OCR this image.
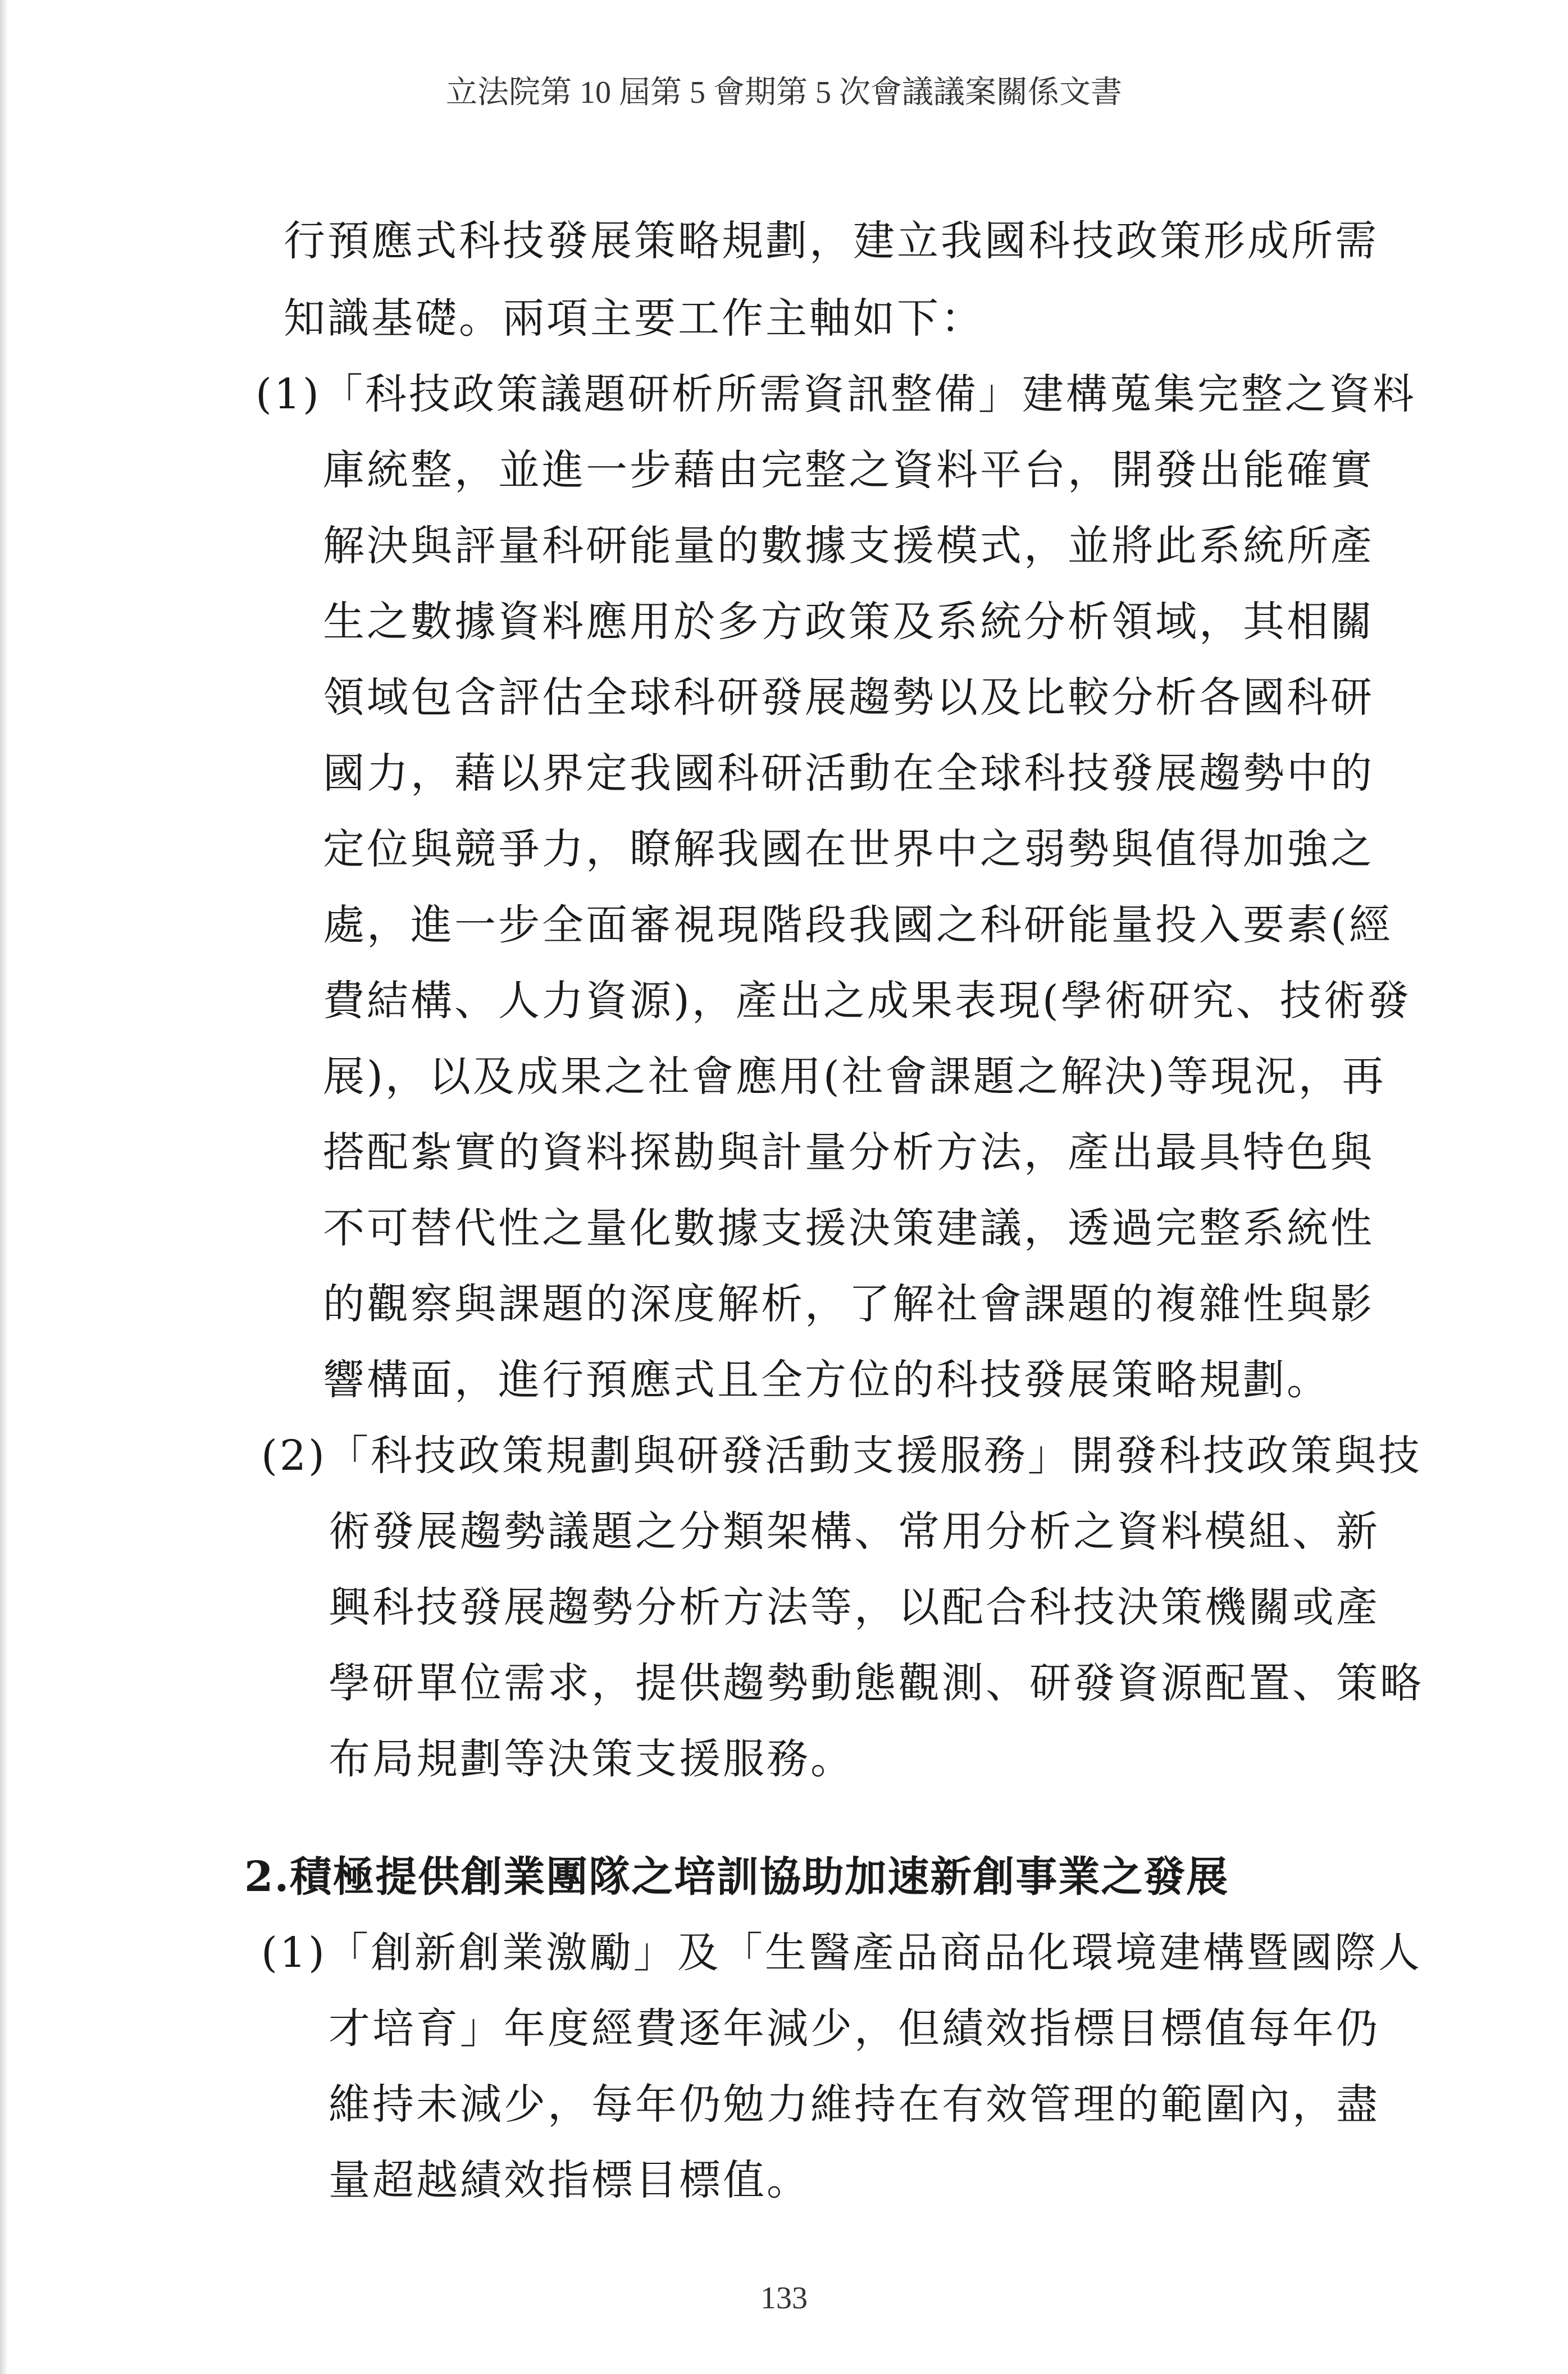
立法院第 10 屆第 5 會期第 5 次會議議案關係文書
行預應式科技發展策略規劃，建立我國科技政策形成所需
知識基礎。兩項主要工作主軸如下：
(1)「科技政策議題研析所需資訊整備」建構蒐集完整之資料
庫統整，並進一步藉由完整之資料平台，開發出能確實
解決與評量科研能量的數據支援模式，並將此系統所產
生之數據資料應用於多方政策及系統分析領域，其相關
領域包含評估全球科研發展趨勢以及比較分析各國科研
國力，藉以界定我國科研活動在全球科技發展趨勢中的
定位與競爭力，瞭解我國在世界中之弱勢與值得加強之
處，進一步全面審視現階段我國之科研能量投入要素(經
費結構、人力資源)，產出之成果表現(學術研究、技術發
展)，以及成果之社會應用(社會課題之解決)等現況，再
搭配紮實的資料探勘與計量分析方法，產出最具特色與
不可替代性之量化數據支援決策建議，透過完整系統性
的觀察與課題的深度解析，了解社會課題的複雜性與影
響構面，進行預應式且全方位的科技發展策略規劃。
(2)「科技政策規劃與研發活動支援服務」開發科技政策與技
術發展趨勢議題之分類架構、常用分析之資料模組、新
興科技發展趨勢分析方法等，以配合科技決策機關或產
學研單位需求，提供趨勢動態觀測、研發資源配置、策略
布局規劃等決策支援服務。
2.積極提供創業團隊之培訓協助加速新創事業之發展
(1)「創新創業激勵」及「生醫產品商品化環境建構暨國際人
才培育」年度經費逐年減少，但績效指標目標值每年仍
維持未減少，每年仍勉力維持在有效管理的範圍內，盡
量超越績效指標目標值。
133
